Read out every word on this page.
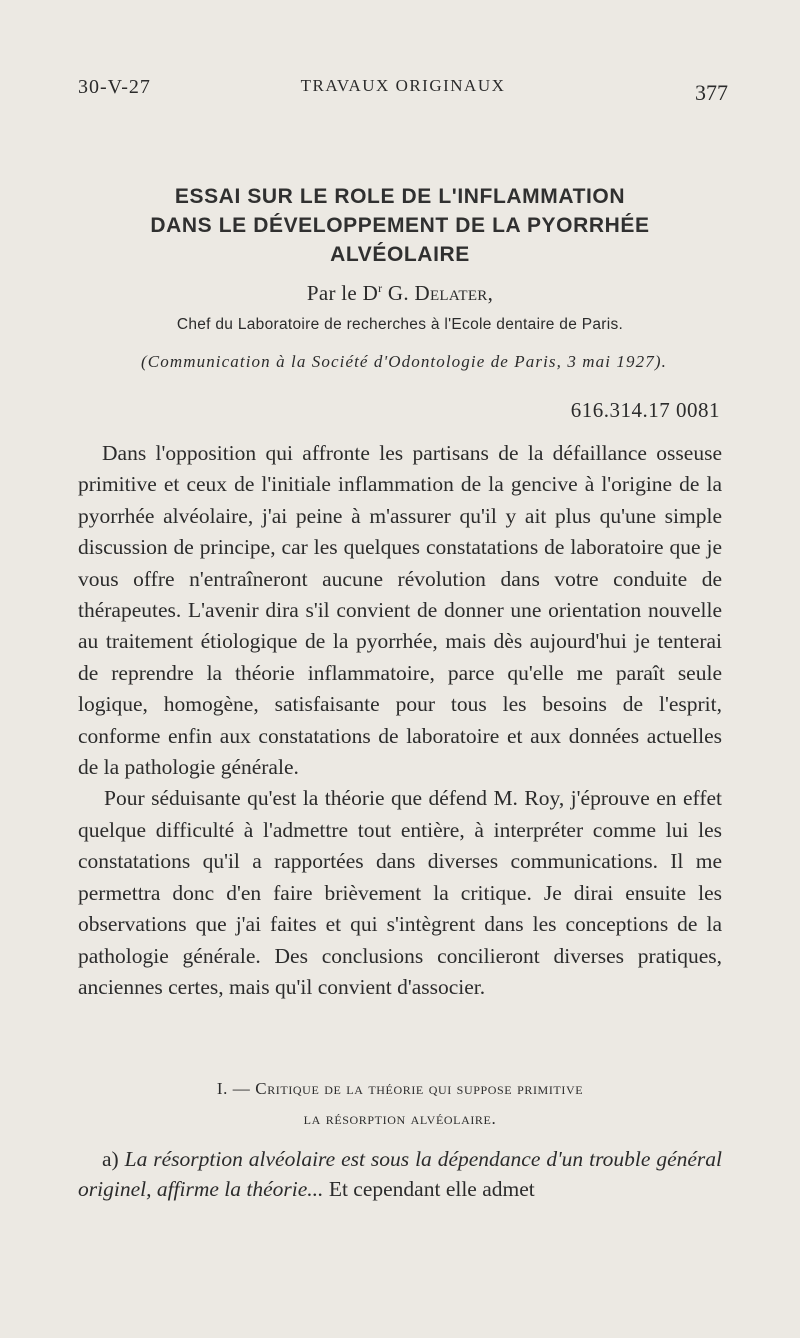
30-V-27	TRAVAUX ORIGINAUX	377
ESSAI SUR LE ROLE DE L'INFLAMMATION
DANS LE DÉVELOPPEMENT DE LA PYORRHÉE
ALVÉOLAIRE
Par le $D^r$ G. Delater,
Chef du Laboratoire de recherches à l'Ecole dentaire de Paris.
(Communication à la Société d'Odontologie de Paris, 3 mai 1927).
616.314.17 0081

Dans l'opposition qui affronte les partisans de la défaillance osseuse primitive et ceux de l'initiale inflammation de la gencive à l'origine de la pyorrhée alvéolaire, j'ai peine à m'assurer qu'il y ait plus qu'une simple discussion de principe, car les quelques constatations de laboratoire que je vous offre n'entraîneront aucune révolution dans votre conduite de thérapeutes. L'avenir dira s'il convient de donner une orientation nouvelle au traitement étiologique de la pyorrhée, mais dès aujourd'hui je tenterai de reprendre la théorie inflammatoire, parce qu'elle me paraît seule logique, homogène, satisfaisante pour tous les besoins de l'esprit, conforme enfin aux constatations de laboratoire et aux données actuelles de la pathologie générale.

Pour séduisante qu'est la théorie que défend M. Roy, j'éprouve en effet quelque difficulté à l'admettre tout entière, à interpréter comme lui les constatations qu'il a rapportées dans diverses communications. Il me permettra donc d'en faire brièvement la critique. Je dirai ensuite les observations que j'ai faites et qui s'intègrent dans les conceptions de la pathologie générale. Des conclusions concilieront diverses pratiques, anciennes certes, mais qu'il convient d'associer.

I. — Critique de la théorie qui suppose primitive
la résorption alvéolaire.
a) La résorption alvéolaire est sous la dépendance d'un trouble général originel, affirme la théorie... Et cependant elle admet
